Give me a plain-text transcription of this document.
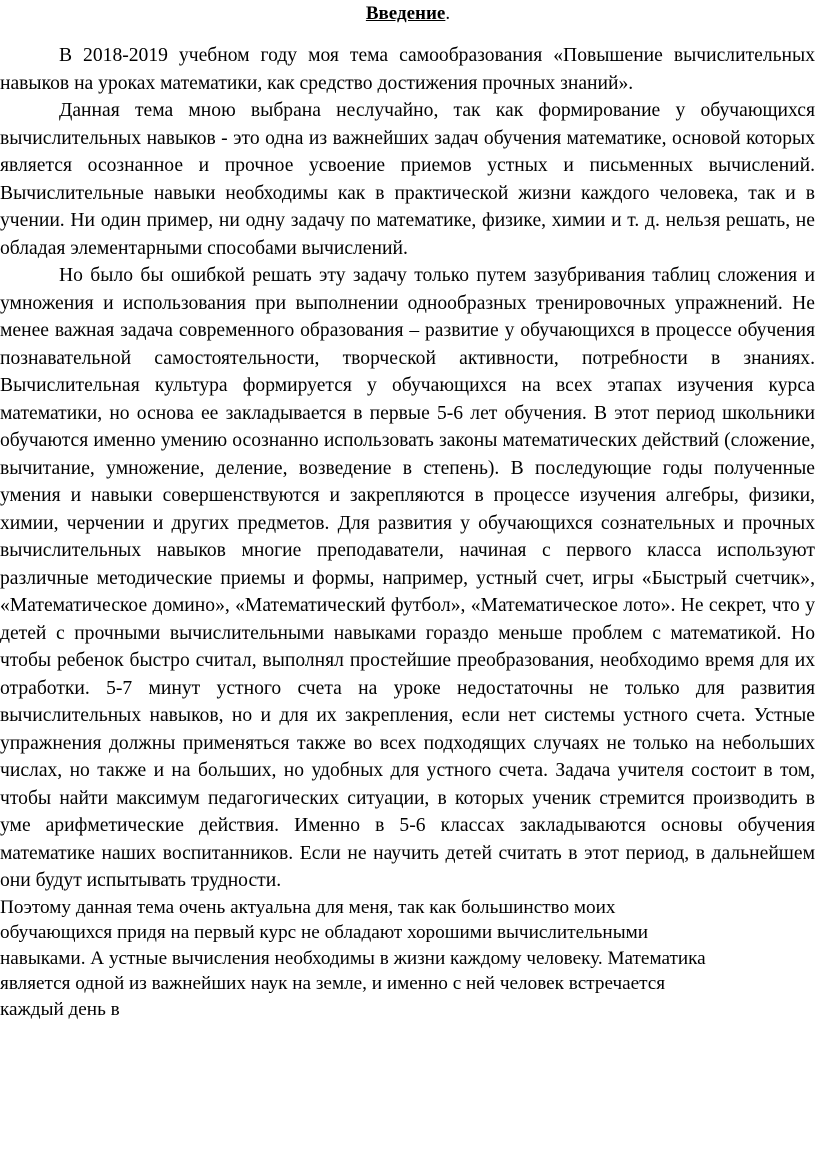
Введение.

В 2018-2019 учебном году моя тема самообразования «Повышение вычислительных навыков на уроках математики, как средство достижения прочных знаний».

Данная тема мною выбрана неслучайно, так как формирование у обучающихся вычислительных навыков - это одна из важнейших задач обучения математике, основой которых является осознанное и прочное усвоение приемов устных и письменных вычислений. Вычислительные навыки необходимы как в практической жизни каждого человека, так и в учении. Ни один пример, ни одну задачу по математике, физике, химии и т. д. нельзя решать, не обладая элементарными способами вычислений.

Но было бы ошибкой решать эту задачу только путем зазубривания таблиц сложения и умножения и использования при выполнении однообразных тренировочных упражнений. Не менее важная задача современного образования – развитие у обучающихся в процессе обучения познавательной самостоятельности, творческой активности, потребности в знаниях. Вычислительная культура формируется у обучающихся на всех этапах изучения курса математики, но основа ее закладывается в первые 5-6 лет обучения. В этот период школьники обучаются именно умению осознанно использовать законы математических действий (сложение, вычитание, умножение, деление, возведение в степень). В последующие годы полученные умения и навыки совершенствуются и закрепляются в процессе изучения алгебры, физики, химии, черчении и других предметов. Для развития у обучающихся сознательных и прочных вычислительных навыков многие преподаватели, начиная с первого класса используют различные методические приемы и формы, например, устный счет, игры «Быстрый счетчик», «Математическое домино», «Математический футбол», «Математическое лото». Не секрет, что у детей с прочными вычислительными навыками гораздо меньше проблем с математикой. Но чтобы ребенок быстро считал, выполнял простейшие преобразования, необходимо время для их отработки. 5-7 минут устного счета на уроке недостаточны не только для развития вычислительных навыков, но и для их закрепления, если нет системы устного счета. Устные упражнения должны применяться также во всех подходящих случаях не только на небольших числах, но также и на больших, но удобных для устного счета. Задача учителя состоит в том, чтобы найти максимум педагогических ситуации, в которых ученик стремится производить в уме арифметические действия. Именно в 5-6 классах закладываются основы обучения математике наших воспитанников. Если не научить детей считать в этот период, в дальнейшем они будут испытывать трудности.

Поэтому данная тема очень актуальна для меня, так как большинство моих
обучающихся придя на первый курс не обладают хорошими вычислительными
навыками. А устные вычисления необходимы в жизни каждому человеку. Математика
является одной из важнейших наук на земле, и именно с ней человек встречается
каждый день в
